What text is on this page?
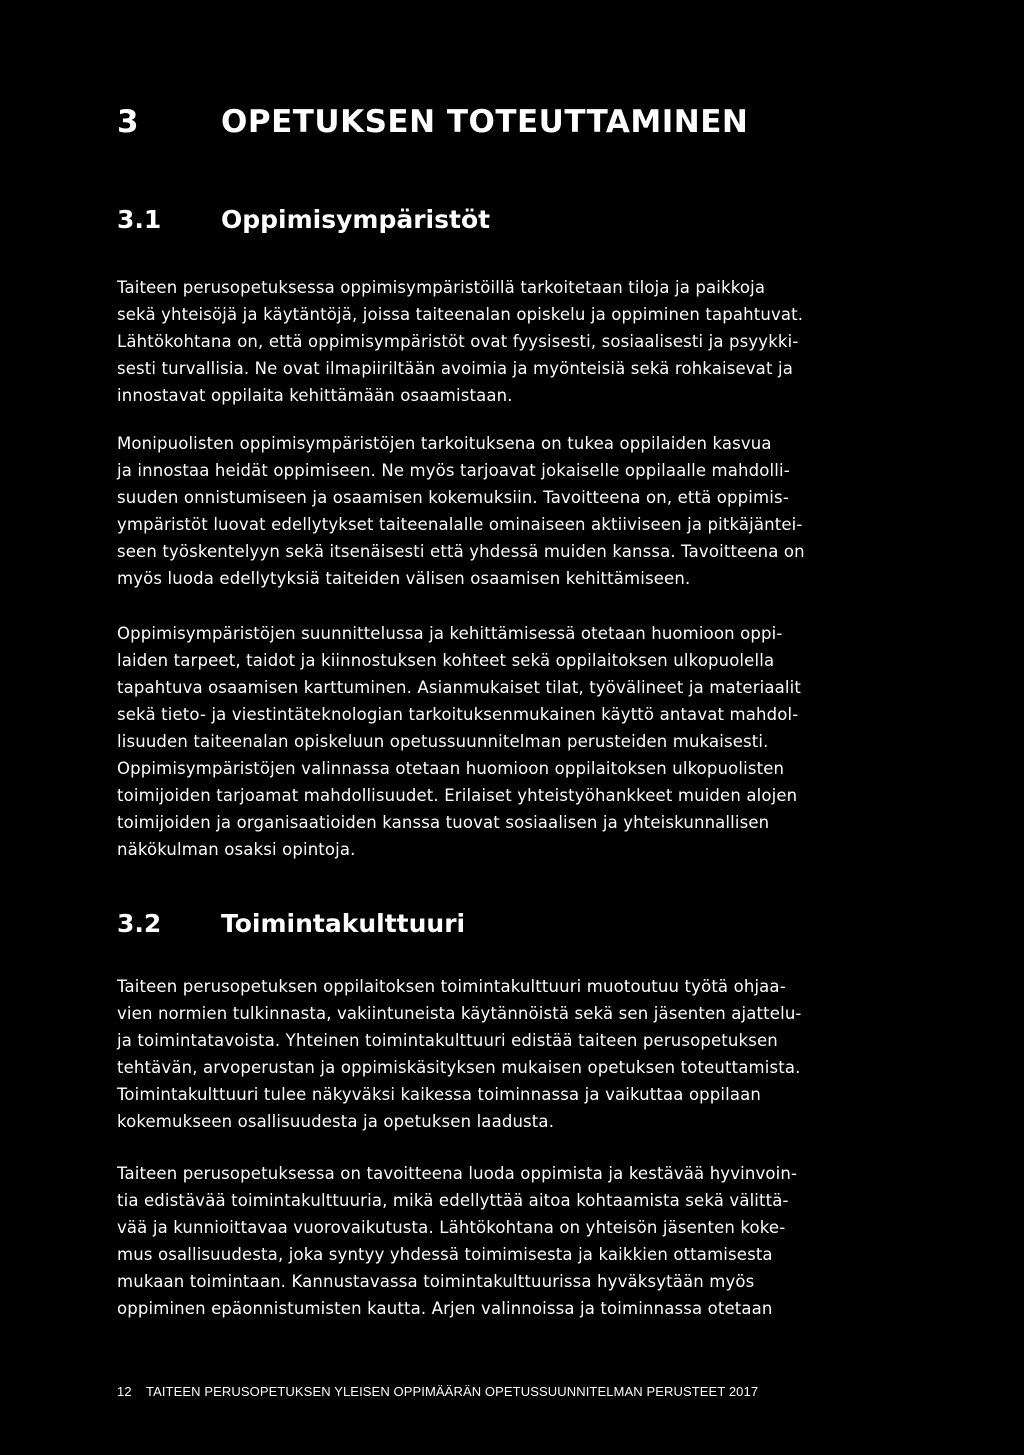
3	OPETUKSEN TOTEUTTAMINEN
3.1 Oppimisympäristöt

Taiteen perusopetuksessa oppimisympäristöillä tarkoitetaan tiloja ja paikkoja
sekä yhteisöjä ja käytäntöjä, joissa taiteenalan opiskelu ja oppiminen tapahtuvat.
Lähtökohtana on, että oppimisympäristöt ovat fyysisesti, sosiaalisesti ja psyykki-
sesti turvallisia. Ne ovat ilmapiiriltään avoimia ja myönteisiä sekä rohkaisevat ja
innostavat oppilaita kehittämään osaamistaan.

Monipuolisten oppimisympäristöjen tarkoituksena on tukea oppilaiden kasvua
ja innostaa heidät oppimiseen. Ne myös tarjoavat jokaiselle oppilaalle mahdolli-
suuden onnistumiseen ja osaamisen kokemuksiin. Tavoitteena on, että oppimis-
ympäristöt luovat edellytykset taiteenalalle ominaiseen aktiiviseen ja pitkäjäntei-
seen työskentelyyn sekä itsenäisesti että yhdessä muiden kanssa. Tavoitteena on
myös luoda edellytyksiä taiteiden välisen osaamisen kehittämiseen.

Oppimisympäristöjen suunnittelussa ja kehittämisessä otetaan huomioon oppi-
laiden tarpeet, taidot ja kiinnostuksen kohteet sekä oppilaitoksen ulkopuolella
tapahtuva osaamisen karttuminen. Asianmukaiset tilat, työvälineet ja materiaalit
sekä tieto- ja viestintäteknologian tarkoituksenmukainen käyttö antavat mahdol-
lisuuden taiteenalan opiskeluun opetussuunnitelman perusteiden mukaisesti.
Oppimisympäristöjen valinnassa otetaan huomioon oppilaitoksen ulkopuolisten
toimijoiden tarjoamat mahdollisuudet. Erilaiset yhteistyöhankkeet muiden alojen
toimijoiden ja organisaatioiden kanssa tuovat sosiaalisen ja yhteiskunnallisen
näkökulman osaksi opintoja.

3.2 Toimintakulttuuri

Taiteen perusopetuksen oppilaitoksen toimintakulttuuri muotoutuu työtä ohjaa-
vien normien tulkinnasta, vakiintuneista käytännöistä sekä sen jäsenten ajattelu-
ja toimintatavoista. Yhteinen toimintakulttuuri edistää taiteen perusopetuksen
tehtävän, arvoperustan ja oppimiskäsityksen mukaisen opetuksen toteuttamista.
Toimintakulttuuri tulee näkyväksi kaikessa toiminnassa ja vaikuttaa oppilaan
kokemukseen osallisuudesta ja opetuksen laadusta.

Taiteen perusopetuksessa on tavoitteena luoda oppimista ja kestävää hyvinvoin-
tia edistävää toimintakulttuuria, mikä edellyttää aitoa kohtaamista sekä välittä-
vää ja kunnioittavaa vuorovaikutusta. Lähtökohtana on yhteisön jäsenten koke-
mus osallisuudesta, joka syntyy yhdessä toimimisesta ja kaikkien ottamisesta
mukaan toimintaan. Kannustavassa toimintakulttuurissa hyväksytään myös
oppiminen epäonnistumisten kautta. Arjen valinnoissa ja toiminnassa otetaan

12 TAITEEN PERUSOPETUKSEN YLEISEN OPPIMÄÄRÄN OPETUSSUUNNITELMAN PERUSTEET 2017
